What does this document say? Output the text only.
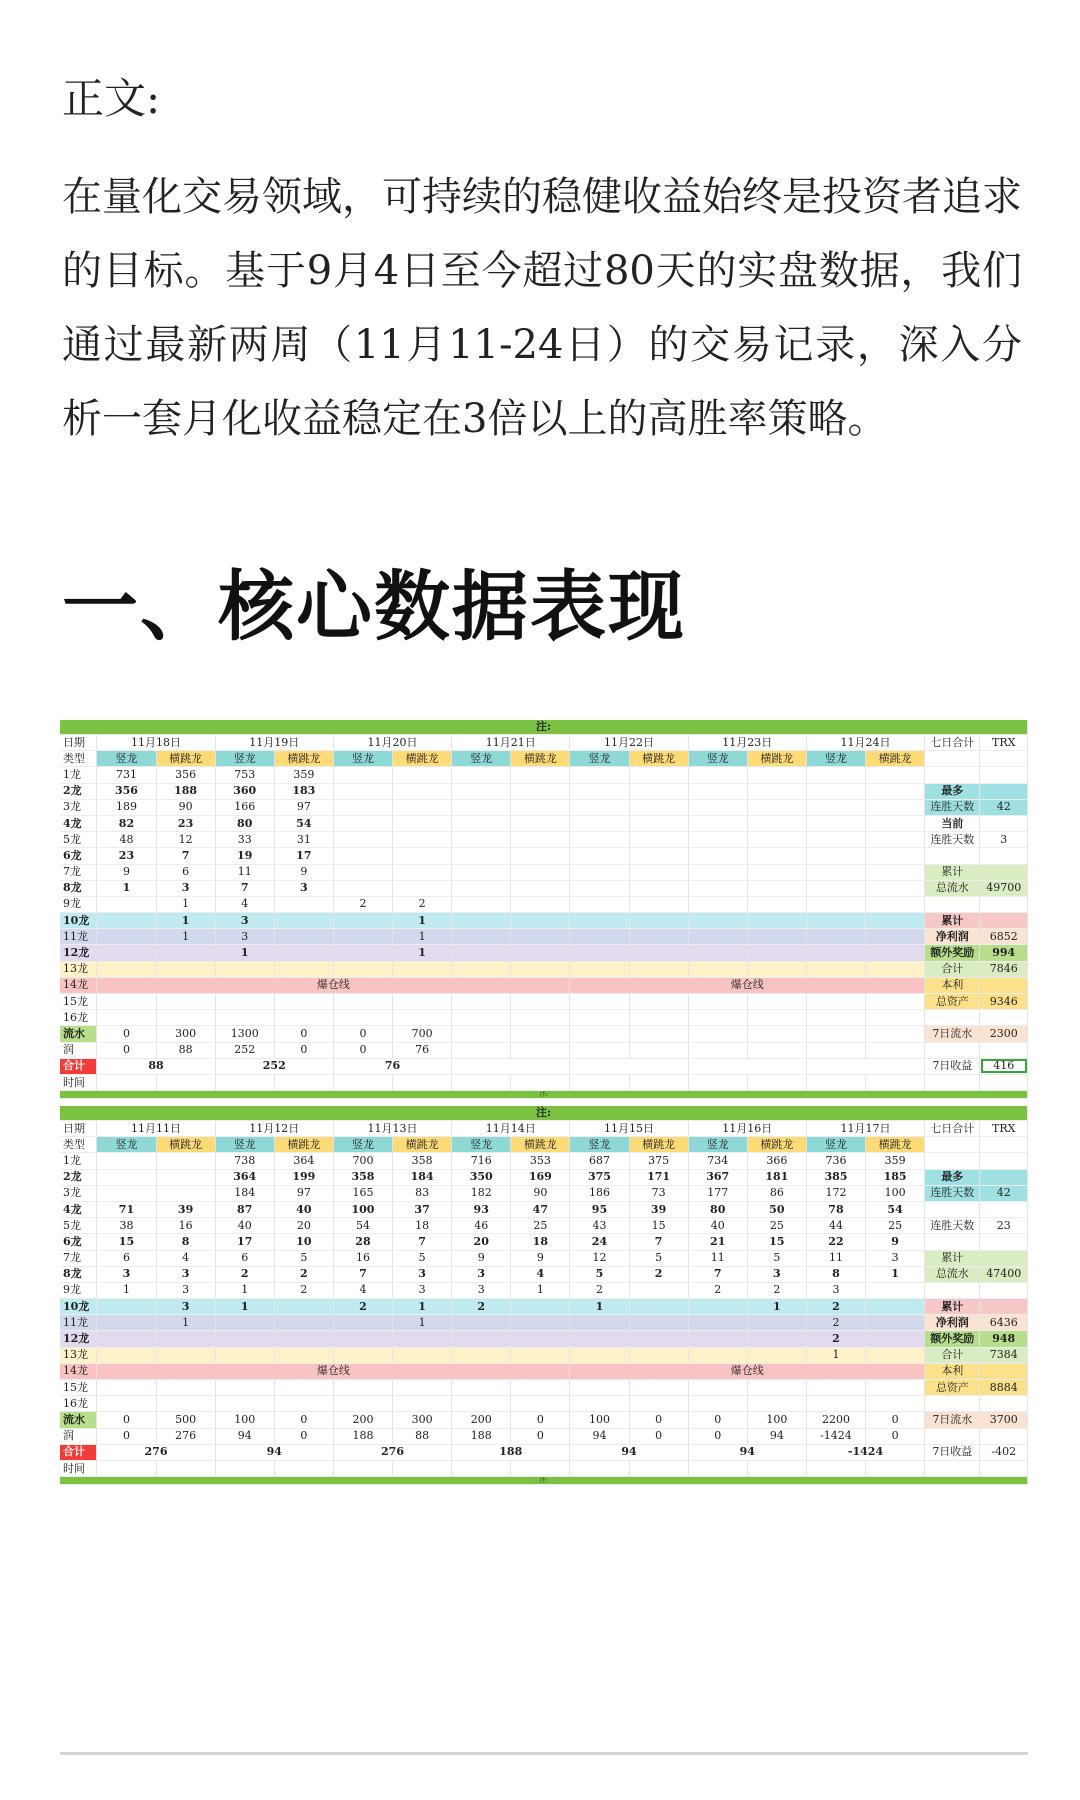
正文:
在量化交易领域，可持续的稳健收益始终是投资者追求的目标。基于9月4日至今超过80天的实盘数据，我们通过最新两周（11月11-24日）的交易记录，深入分析一套月化收益稳定在3倍以上的高胜率策略。
一、核心数据表现
注:																
日期	11月18日		11月19日		11月20日		11月21日		11月22日		11月23日		11月24日		七日合计	TRX
类型	竖龙	横跳龙	竖龙	横跳龙	竖龙	横跳龙	竖龙	横跳龙	竖龙	横跳龙	竖龙	横跳龙	竖龙	横跳龙		
1龙	731	356	753	359												
2龙	356	188	360	183											最多	
3龙	189	90	166	97											连胜天数	42
4龙	82	23	80	54											当前	
5龙	48	12	33	31											连胜天数	3
6龙	23	7	19	17												
7龙	9	6	11	9											累计	
8龙	1	3	7	3											总流水	49700
9龙		1	4		2	2										
10龙		1	3			1									累计	
11龙		1	3			1									净利润	6852
12龙			1			1									额外奖励	994
13龙															合计	7846
14龙	爆仓线								爆仓线						本利	
15龙															总资产	9346
16龙																
流水	0	300	1300	0	0	700									7日流水	2300
润	0	88	252	0	0	76										
合计	88		252		76										7日收益	416
时间																
注:																
注:																
日期	11月11日		11月12日		11月13日		11月14日		11月15日		11月16日		11月17日		七日合计	TRX
类型	竖龙	横跳龙	竖龙	横跳龙	竖龙	横跳龙	竖龙	横跳龙	竖龙	横跳龙	竖龙	横跳龙	竖龙	横跳龙		
1龙			738	364	700	358	716	353	687	375	734	366	736	359		
2龙			364	199	358	184	350	169	375	171	367	181	385	185	最多	
3龙			184	97	165	83	182	90	186	73	177	86	172	100	连胜天数	42
4龙	71	39	87	40	100	37	93	47	95	39	80	50	78	54		
5龙	38	16	40	20	54	18	46	25	43	15	40	25	44	25	连胜天数	23
6龙	15	8	17	10	28	7	20	18	24	7	21	15	22	9		
7龙	6	4	6	5	16	5	9	9	12	5	11	5	11	3	累计	
8龙	3	3	2	2	7	3	3	4	5	2	7	3	8	1	总流水	47400
9龙	1	3	1	2	4	3	3	1	2		2	2	3			
10龙		3	1		2	1	2		1			1	2		累计	
11龙		1				1							2		净利润	6436
12龙													2		额外奖励	948
13龙													1		合计	7384
14龙	爆仓线								爆仓线						本利	
15龙															总资产	8884
16龙																
流水	0	500	100	0	200	300	200	0	100	0	0	100	2200	0	7日流水	3700
润	0	276	94	0	188	88	188	0	94	0	0	94	-1424	0		
合计	276		94		276		188		94		94		-1424		7日收益	-402
时间																
注:																
